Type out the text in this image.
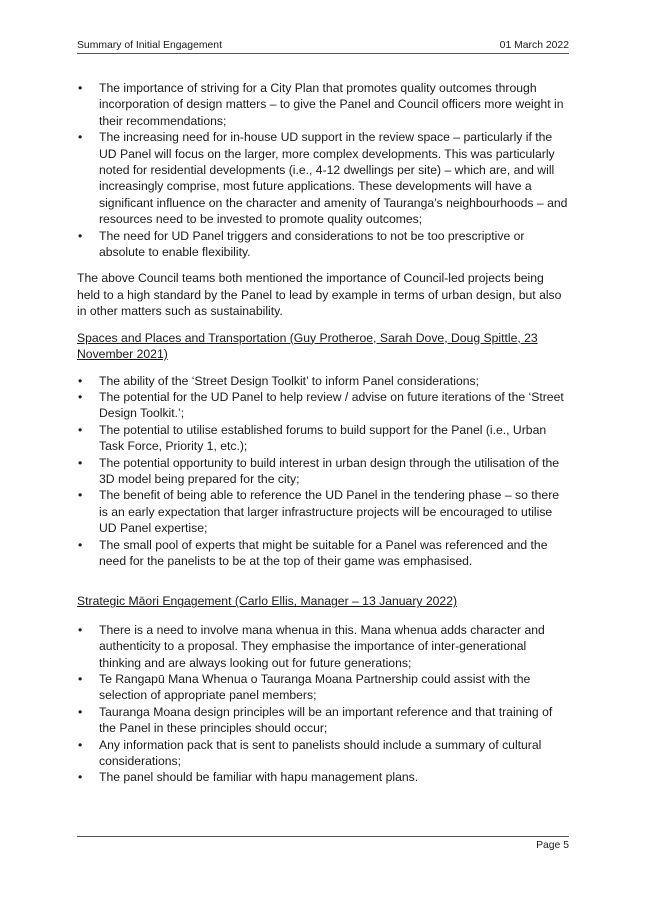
Summary of Initial Engagement	01 March 2022
• The importance of striving for a City Plan that promotes quality outcomes through incorporation of design matters – to give the Panel and Council officers more weight in their recommendations;
• The increasing need for in-house UD support in the review space – particularly if the UD Panel will focus on the larger, more complex developments. This was particularly noted for residential developments (i.e., 4-12 dwellings per site) – which are, and will increasingly comprise, most future applications. These developments will have a significant influence on the character and amenity of Tauranga’s neighbourhoods – and resources need to be invested to promote quality outcomes;
• The need for UD Panel triggers and considerations to not be too prescriptive or absolute to enable flexibility.

The above Council teams both mentioned the importance of Council-led projects being held to a high standard by the Panel to lead by example in terms of urban design, but also in other matters such as sustainability.

Spaces and Places and Transportation (Guy Protheroe, Sarah Dove, Doug Spittle, 23 November 2021)

• The ability of the ‘Street Design Toolkit’ to inform Panel considerations;
• The potential for the UD Panel to help review / advise on future iterations of the ‘Street Design Toolkit.’;
• The potential to utilise established forums to build support for the Panel (i.e., Urban Task Force, Priority 1, etc.);
• The potential opportunity to build interest in urban design through the utilisation of the 3D model being prepared for the city;
• The benefit of being able to reference the UD Panel in the tendering phase – so there is an early expectation that larger infrastructure projects will be encouraged to utilise UD Panel expertise;
• The small pool of experts that might be suitable for a Panel was referenced and the need for the panelists to be at the top of their game was emphasised.

Strategic Māori Engagement (Carlo Ellis, Manager – 13 January 2022)

• There is a need to involve mana whenua in this. Mana whenua adds character and authenticity to a proposal. They emphasise the importance of inter-generational thinking and are always looking out for future generations;
• Te Rangapū Mana Whenua o Tauranga Moana Partnership could assist with the selection of appropriate panel members;
• Tauranga Moana design principles will be an important reference and that training of the Panel in these principles should occur;
• Any information pack that is sent to panelists should include a summary of cultural considerations;
• The panel should be familiar with hapu management plans.
Page 5
